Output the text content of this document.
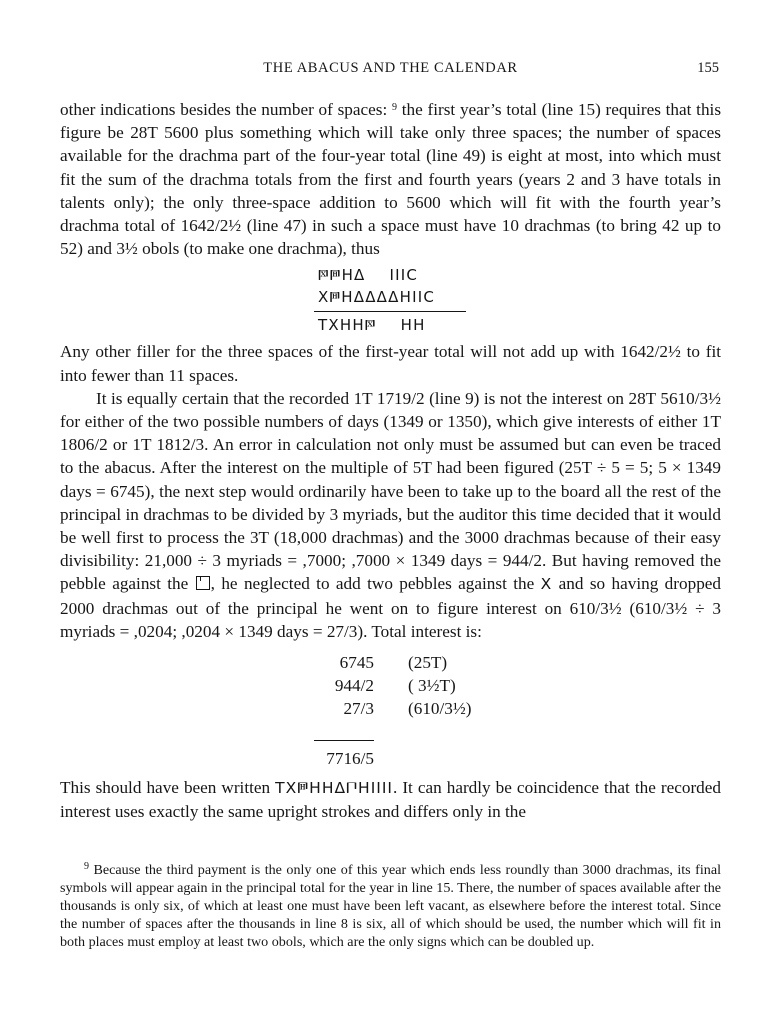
THE ABACUS AND THE CALENDAR	155

other indications besides the number of spaces: $^9$ the first year’s total (line 15) requires that this figure be 28T 5600 plus something which will take only three spaces; the number of spaces available for the drachma part of the four-year total (line 49) is eight at most, into which must fit the sum of the drachma totals from the first and fourth years (years 2 and 3 have totals in talents only); the only three-space addition to 5600 which will fit with the fourth year’s drachma total of 1642/2½ (line 47) in such a space must have 10 drachmas (to bring 42 up to 52) and 3½ obols (to make one drachma), thus

𐅆𐅅ΗΔ ΙΙΙϹ
Χ𐅅ΗΔΔΔΔΗΙΙϹ
ΤΧΗΗ𐅆 ΗΗ

Any other filler for the three spaces of the first-year total will not add up with 1642/2½ to fit into fewer than 11 spaces.

It is equally certain that the recorded 1T 1719/2 (line 9) is not the interest on 28T 5610/3½ for either of the two possible numbers of days (1349 or 1350), which give interests of either 1T 1806/2 or 1T 1812/3. An error in calculation not only must be assumed but can even be traced to the abacus. After the interest on the multiple of 5T had been figured (25T ÷ 5 = 5; 5 × 1349 days = 6745), the next step would ordinarily have been to take up to the board all the rest of the principal in drachmas to be divided by 3 myriads, but the auditor this time decided that it would be well first to process the 3T (18,000 drachmas) and the 3000 drachmas because of their easy divisibility: 21,000 ÷ 3 myriads = ,7000; ,7000 × 1349 days = 944/2. But having removed the pebble against the , he neglected to add two pebbles against the X and so having dropped 2000 drachmas out of the principal he went on to figure interest on 610/3½ (610/3½ ÷ 3 myriads = ,0204; ,0204 × 1349 days = 27/3). Total interest is:

6745 (25T)
944/2 ( 3½T)
27/3 (610/3½)
7716/5

This should have been written ΤΧ𐅅ΗΗΔ𐅃ΗΙΙΙΙ. It can hardly be coincidence that the recorded interest uses exactly the same upright strokes and differs only in the

$^9$ Because the third payment is the only one of this year which ends less roundly than 3000 drachmas, its final symbols will appear again in the principal total for the year in line 15. There, the number of spaces available after the thousands is only six, of which at least one must have been left vacant, as elsewhere before the interest total. Since the number of spaces after the thousands in line 8 is six, all of which should be used, the number which will fit in both places must employ at least two obols, which are the only signs which can be doubled up.
